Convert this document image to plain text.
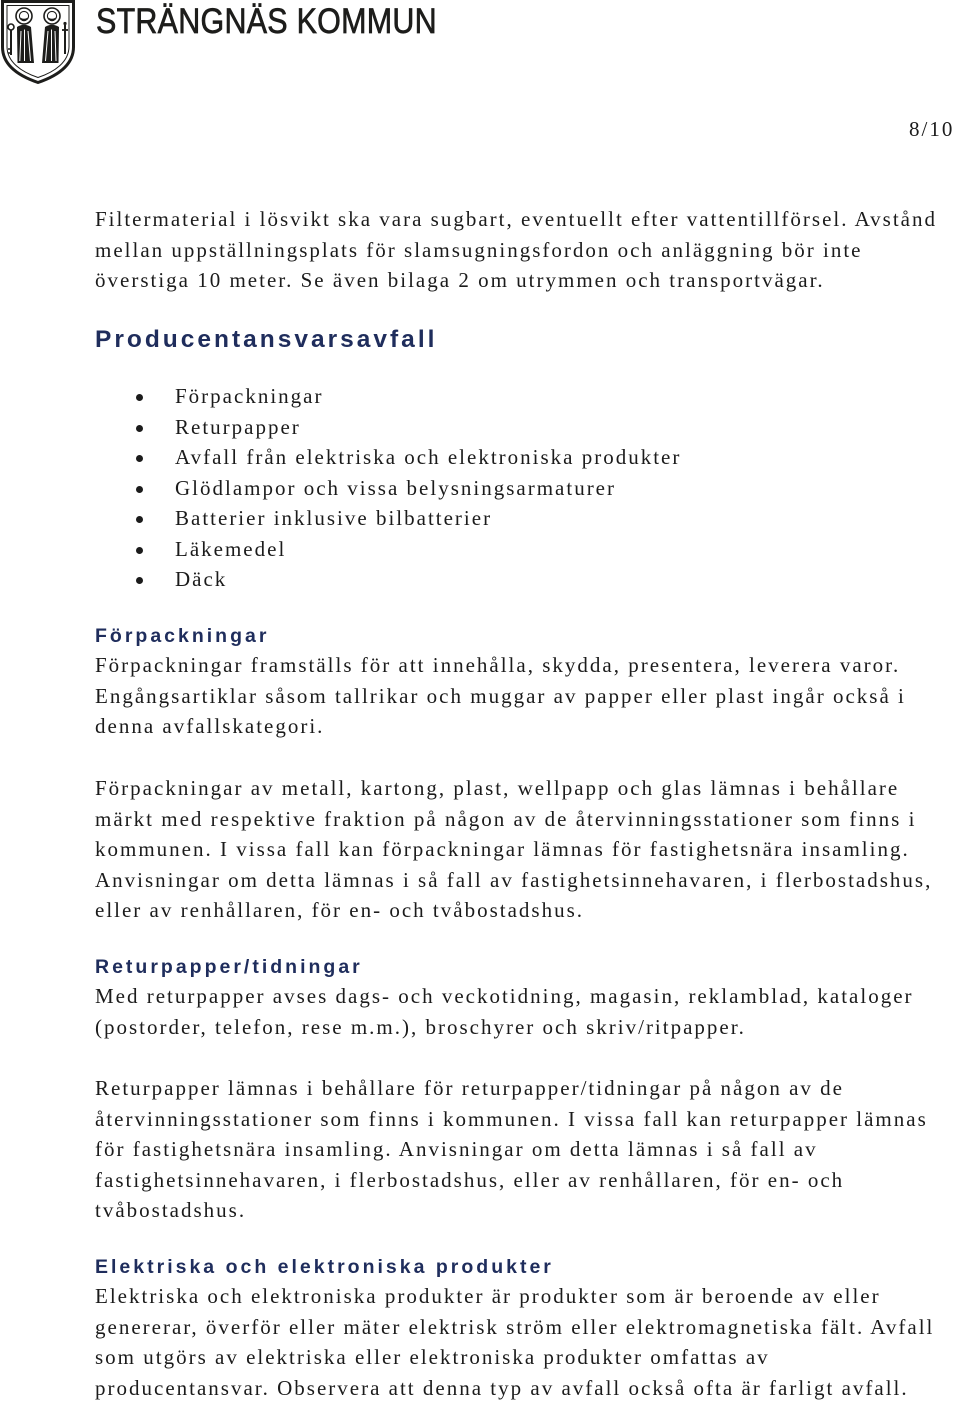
STRÄNGNÄS KOMMUN
8/10
Filtermaterial i lösvikt ska vara sugbart, eventuellt efter vattentillförsel. Avstånd
mellan uppställningsplats för slamsugningsfordon och anläggning bör inte
överstiga 10 meter. Se även bilaga 2 om utrymmen och transportvägar.
Producentansvarsavfall
Förpackningar
Returpapper
Avfall från elektriska och elektroniska produkter
Glödlampor och vissa belysningsarmaturer
Batterier inklusive bilbatterier
Läkemedel
Däck
Förpackningar
Förpackningar framställs för att innehålla, skydda, presentera, leverera varor.
Engångsartiklar såsom tallrikar och muggar av papper eller plast ingår också i
denna avfallskategori.
Förpackningar av metall, kartong, plast, wellpapp och glas lämnas i behållare
märkt med respektive fraktion på någon av de återvinningsstationer som finns i
kommunen. I vissa fall kan förpackningar lämnas för fastighetsnära insamling.
Anvisningar om detta lämnas i så fall av fastighetsinnehavaren, i flerbostadshus,
eller av renhållaren, för en- och tvåbostadshus.
Returpapper/tidningar
Med returpapper avses dags- och veckotidning, magasin, reklamblad, kataloger
(postorder, telefon, rese m.m.), broschyrer och skriv/ritpapper.
Returpapper lämnas i behållare för returpapper/tidningar på någon av de
återvinningsstationer som finns i kommunen. I vissa fall kan returpapper lämnas
för fastighetsnära insamling. Anvisningar om detta lämnas i så fall av
fastighetsinnehavaren, i flerbostadshus, eller av renhållaren, för en- och
tvåbostadshus.
Elektriska och elektroniska produkter
Elektriska och elektroniska produkter är produkter som är beroende av eller
genererar, överför eller mäter elektrisk ström eller elektromagnetiska fält. Avfall
som utgörs av elektriska eller elektroniska produkter omfattas av
producentansvar. Observera att denna typ av avfall också ofta är farligt avfall.
